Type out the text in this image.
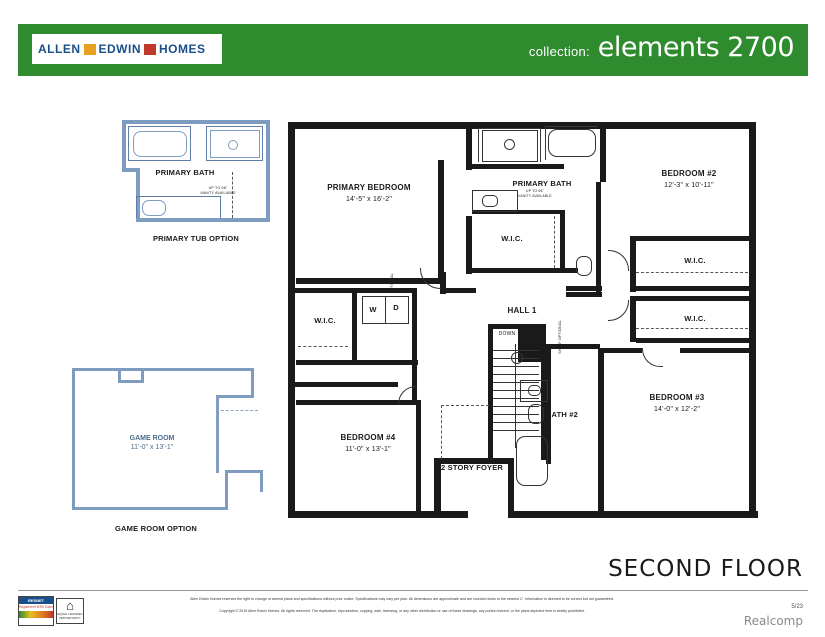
ALLEN EDWIN HOMES	collection: elements 2700
PRIMARY BATH
UP TO 96"
VANITY AVAILABLE
PRIMARY TUB OPTION
GAME ROOM
11'-0" x 13'-1"
GAME ROOM OPTION
PRIMARY BATH
UP TO 96"
VANITY AVAILABLE
W.I.C.
PRIMARY BEDROOM
14'-5" x 16'-2"
BEDROOM #2
12'-3" x 10'-11"
W.I.C.
W.I.C.
BEDROOM #3
14'-0" x 12'-2"
W.I.C.
LAUNDRY
W	D
OPTIONAL
BEDROOM #4
11'-0" x 13'-1"
HALL 1
DOWN
BATH #2
SHELF OPTIONAL
2 STORY FOYER
SECOND FLOOR
RESNET
Registered HERS Rater	⌂
EQUAL HOUSING OPPORTUNITY
Allen Edwin Homes reserves the right to change or amend plans and specifications without prior notice. Specifications may vary per plan. All dimensions are approximate and are rounded down to the nearest 1". Information is deemed to be correct but not guaranteed.
Copyright © 2015 Allen Edwin Homes. All rights reserved. The duplication, reproduction, copying, sale, licensing, or any other distribution or use of these drawings, any portion thereof, or the plans depicted here is strictly prohibited.
5/23
Realcomp
